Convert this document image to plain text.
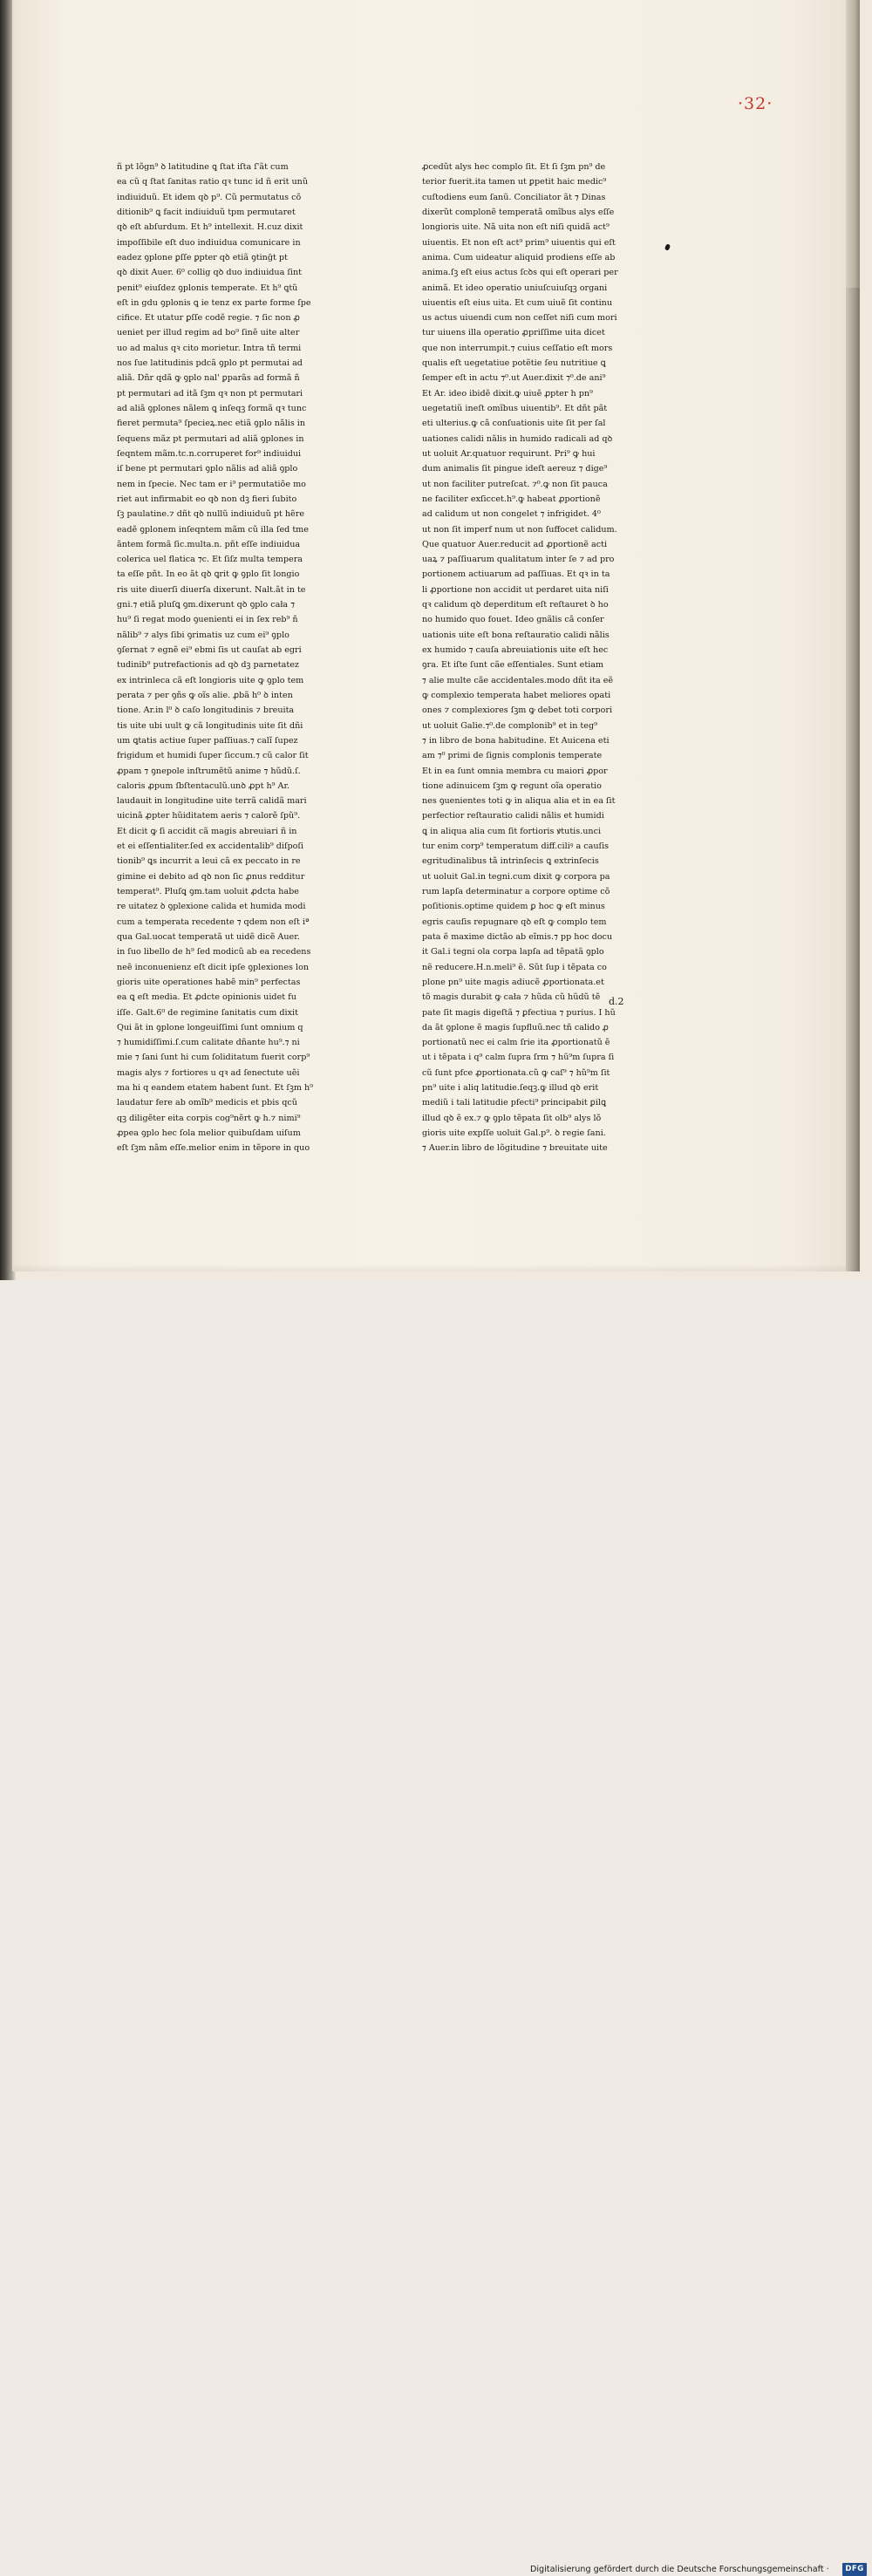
·32·

ñ pt lõgn⁹ ꝺ latitudine ꝗ ſtat iſta ſ'ãt cum
ea cũ q ſtat ſanitas ratio qꝛ tunc id ñ erit unũ
indiuiduũ. Et idem qꝺ p⁹. Cũ permutatus cõ
ditionib⁹ ꝗ facit indiuiduũ tpm permutaret
qꝺ eſt abſurdum. Et h⁹ intellexit. H.cuz dixit
impoſſibile eſt duo indiuidua comunicare in
eadez ꝯplone ꝑſſe ꝑpter qꝺ etiã ꝯtinḡt pt
qꝺ dixit Auer. 6⁰ collig qꝺ duo indiuidua ſint
penit⁹ eiuſdez ꝯplonis temperate. Et h⁹ ꝗtũ
eſt in gdu ꝯplonis ꝗ ie tenz ex parte forme ſpe
cifice. Et utatur ꝑſſe codẽ regie. ⁊ ſic non ꝓ
ueniet per illud regim ad bo⁹ ſinẽ uite alter
uo ad malus qꝛ cito morietur. Intra tñ termi
nos ſue latitudinis pdcã ꝯplo pt permutai ad
aliã. Dñr qdã ꝙ ꝯplo nal' ꝑparãs ad formã ñ
pt permutari ad itã ſꝫm qꝛ non pt permutari
ad aliã ꝯplones nãlem ꝗ inſeqꝫ formã qꝛ tunc
fieret permuta⁹ ſpecieꝝ.nec etiã ꝯplo nãlis in
ſequens mãz pt permutari ad aliã ꝯplones in
ſeqntem mãm.tc.n.corruperet for⁹ indiuidui
iſ bene pt permutari ꝯplo nãlis ad aliã ꝯplo
nem in ſpecie. Nec tam er i⁹ permutatiõe mo
riet aut infirmabit eo qꝺ non dꝫ fieri ſubito
ſꝫ paulatine.⁊ dñt qꝺ nullũ indiuiduũ pt hẽre
eadẽ ꝯplonem inſeqntem mãm cũ illa ſed tme
ãntem formã ſic.multa.n. pñt eſſe indiuidua
colerica uel flatica ⁊c. Et ſiſz multa tempera
ta eſſe pñt. In eo ãt qꝺ ꝗrit ꝙ ꝯplo ſit longio
ris uite diuerſi diuerſa dixerunt. Nalt.ãt in te
gni.⁊ etiã pluſꝗ ꝯm.dixerunt qꝺ ꝯplo cała ⁊
hu⁹ ſi regat modo ꝯuenienti ei in ſex reb⁹ ñ
nãlib⁹ ⁊ alys ſibi ꝯrimatis uz cum ei⁹ ꝯplo
ꝯſernat ⁊ egnẽ ei⁹ ebmi ſis ut cauſat ab egri
tudinib⁹ putrefactionis ad qꝺ dꝫ parnetatez
ex intrinleca cã eſt longioris uite ꝙ ꝯplo tem
perata ⁊ per ꝯñs ꝙ oĩs alie. ꝓbã h⁰ ꝺ inten
tione. Ar.in l⁰ ꝺ caſo longitudinis ⁊ breuita
tis uite ubi uult ꝙ cã longitudinis uite ſit dñi
um ꝗtatis actiue ſuper paſſiuas.⁊ calĩ ſupez
frigidum et humidi ſuper ſiccum.⁊ cũ calor ſit
ꝓpam ⁊ ꝯnepole inſtrumẽtũ anime ⁊ hũdũ.ſ.
caloris ꝓpum ſbſtentaculũ.unꝺ ꝓpt h⁹ Ar.
laudauit in longitudine uite terrã calidã mari
uicinã ꝓpter hũiditatem aeris ⁊ calorẽ ſpũ⁹.
Et dicit ꝙ ſi accidit cã magis abreuiari ñ in
et ei eſſentialiter.ſed ex accidentalib⁹ diſpoſi
tionib⁹ ꝗs incurrit a leui cã ex peccato in re
gimine ei debito ad qꝺ non ſic ꝓnus redditur
temperat⁹. Pluſꝗ ꝯm.tam uoluit ꝓdcta habe
re uitatez ꝺ ꝯplexione calida et humida modi
cum a temperata recedente ⁊ qdem non eſt iª
qua Gal.uocat temperatã ut uidẽ dicẽ Auer.
in ſuo libello de h⁹ ſed modicũ ab ea recedens
neẽ inconuenienz eſt dicit ipſe ꝯplexiones lon
gioris uite operationes habẽ min⁹ perfectas
ea ꝗ eſt media. Et ꝓdcte opinionis uidet fu
iſſe. Galt.6⁰ de regimine ſanitatis cum dixit
Qui ãt in ꝯplone longeuiſſimi ſunt omnium q
⁊ humidiſſimi.ſ.cum calitate dñante hu⁹.⁊ ni
mie ⁊ ſani ſunt hi cum ſoliditatum fuerit corp⁹
magis alys ⁊ fortiores u qꝛ ad ſenectute uẽi
ma hi q eandem etatem habent ſunt. Et ſꝫm h⁹
laudatur fere ab omĩb⁹ medicis et pbis qcũ
qꝫ diligẽter eita corpis cog⁹nẽrt ꝙ h.⁊ nimi⁹
ꝓpea ꝯplo hec ſola melior quibuſdam uiſum
eſt ſꝫm nãm eſſe.melior enim in tẽpore in quo
ꝓcedũt alys hec complo ſit. Et ſi ſꝫm pn⁹ de
terior fuerit.ita tamen ut ꝑpetit haic medic⁹
cuſtodiens eum ſanũ. Conciliator ãt ⁊ Dinas
dixerũt complonẽ temperatã omĩbus alys eſſe
longioris uite. Nã uita non eſt niſi quidã act⁹
uiuentis. Et non eſt act⁹ prim⁹ uiuentis qui eſt
anima. Cum uideatur aliquid prodiens eſſe ab
anima.ſꝫ eſt eius actus ſcꝺs qui eſt operari per
animã. Et ideo operatio uniuſcuiuſqꝫ organi
uiuentis eſt eius uita. Et cum uiuẽ ſit continu
us actus uiuendi cum non ceſſet niſi cum mori
tur uiuens illa operatio ꝓpriſſime uita dicet
que non interrumpit.⁊ cuius ceſſatio eſt mors
qualis eſt uegetatiue potẽtie ſeu nutritiue ꝗ
ſemper eſt in actu ⁊⁰.ut Auer.dixit ⁊⁰.de ani⁹
Et Ar. ideo ibidẽ dixit.ꝙ uiuẽ ꝓpter h pn⁹
uegetatiũ ineſt omĩbus uiuentib⁹. Et dñt pãt
eti ulterius.ꝙ cã conſuationis uite ſit per ſal
uationes calidi nãlis in humido radicali ad qꝺ
ut uoluit Ar.quatuor requirunt. Pri⁹ ꝙ hui
dum animalis ſit pingue ideſt aereuz ⁊ dige⁹
ut non faciliter putreſcat. ⁊⁰.ꝙ non ſit pauca
ne faciliter exſiccet.h⁹.ꝙ habeat ꝓportionẽ
ad calidum ut non congelet ⁊ infrigidet. 4⁰
ut non ſit imperf num ut non ſuffocet calidum.
Que quatuor Auer.reducit ad ꝓportionẽ acti
uaꝝ ⁊ paſſiuarum qualitatum inter ſe ⁊ ad pro
portionem actiuarum ad paſſiuas. Et qꝛ in ta
li ꝓportione non accidit ut perdaret uita niſi
qꝛ calidum qꝺ deperditum eſt reſtauret ꝺ ho
no humido quo fouet. Ideo gnãlis cã conſer
uationis uite eſt bona reſtauratio calidi nãlis
ex humido ⁊ cauſa abreuiationis uite eſt hec
ꝯra. Et iſte ſunt cãe eſſentiales. Sunt etiam
⁊ alie multe cãe accidentales.modo dñt ita eẽ
ꝙ complexio temperata habet meliores opati
ones ⁊ complexiores ſꝫm ꝙ debet toti corpori
ut uoluit Galie.⁊⁰.de complonib⁹ et in teg⁹
⁊ in libro de bona habitudine. Et Auicena eti
am ⁊⁰ primi de ſignis complonis temperate
Et in ea ſunt omnia membra cu maiori ꝓpor
tione adinuicem ſꝫm ꝙ regunt oĩa operatio
nes ꝯuenientes toti ꝙ in aliqua alia et in ea ſit
perfectior reſtauratio calidi nãlis et humidi
ꝗ in aliqua alia cum ſit fortioris ꝟtutis.unci
tur enim corp⁹ temperatum diff.ciliꝰ a cauſis
egritudinalibus tã intrinſecis ꝗ extrinſecis
ut uoluit Gal.in tegni.cum dixit ꝙ corpora pa
rum lapſa determinatur a corpore optime cõ
poſitionis.optime quidem ꝑ hoc ꝙ eſt minus
egris cauſis repugnare qꝺ eſt ꝙ complo tem
pata ẽ maxime dictão ab eĩmis.⁊ pp hoc docu
it Gal.i tegni ola corpa lapſa ad tẽpatã ꝯplo
nẽ reducere.H.n.meli⁹ ẽ. Sũt ſup i tẽpata co
plone pn⁹ uite magis adiucẽ ꝓportionata.et
tõ magis durabit ꝙ cała ⁊ hũda cũ hũdũ tẽ
pate ſit magis digeſtã ⁊ ꝑfectiua ⁊ purius. I hũ
da ãt ꝯplone ẽ magis ſupfluũ.nec tñ calido ꝓ
portionatũ nec ei calm ſrie ita ꝓportionatũ ẽ
ut i tẽpata i q⁹ calm ſupra ſrm ⁊ hũ⁹m ſupra ſi
cũ ſunt pfce ꝓportionata.cũ ꝙ caſ⁹ ⁊ hũ⁹m ſit
pn⁹ uite i aliq latitudie.ſeqꝫ.ꝙ illud qꝺ erit
mediũ i tali latitudie pfecti⁹ principabit ꝑilꝗ
illud qꝺ ẽ ex.⁊ ꝙ ꝯplo tẽpata ſit olb⁹ alys lõ
gioris uite expſſe uoluit Gal.p⁹. ꝺ regie ſani.
⁊ Auer.in libro de lõgitudine ⁊ breuitate uite

d.2

Digitalisierung gefördert durch die Deutsche Forschungsgemeinschaft ·	DFG
